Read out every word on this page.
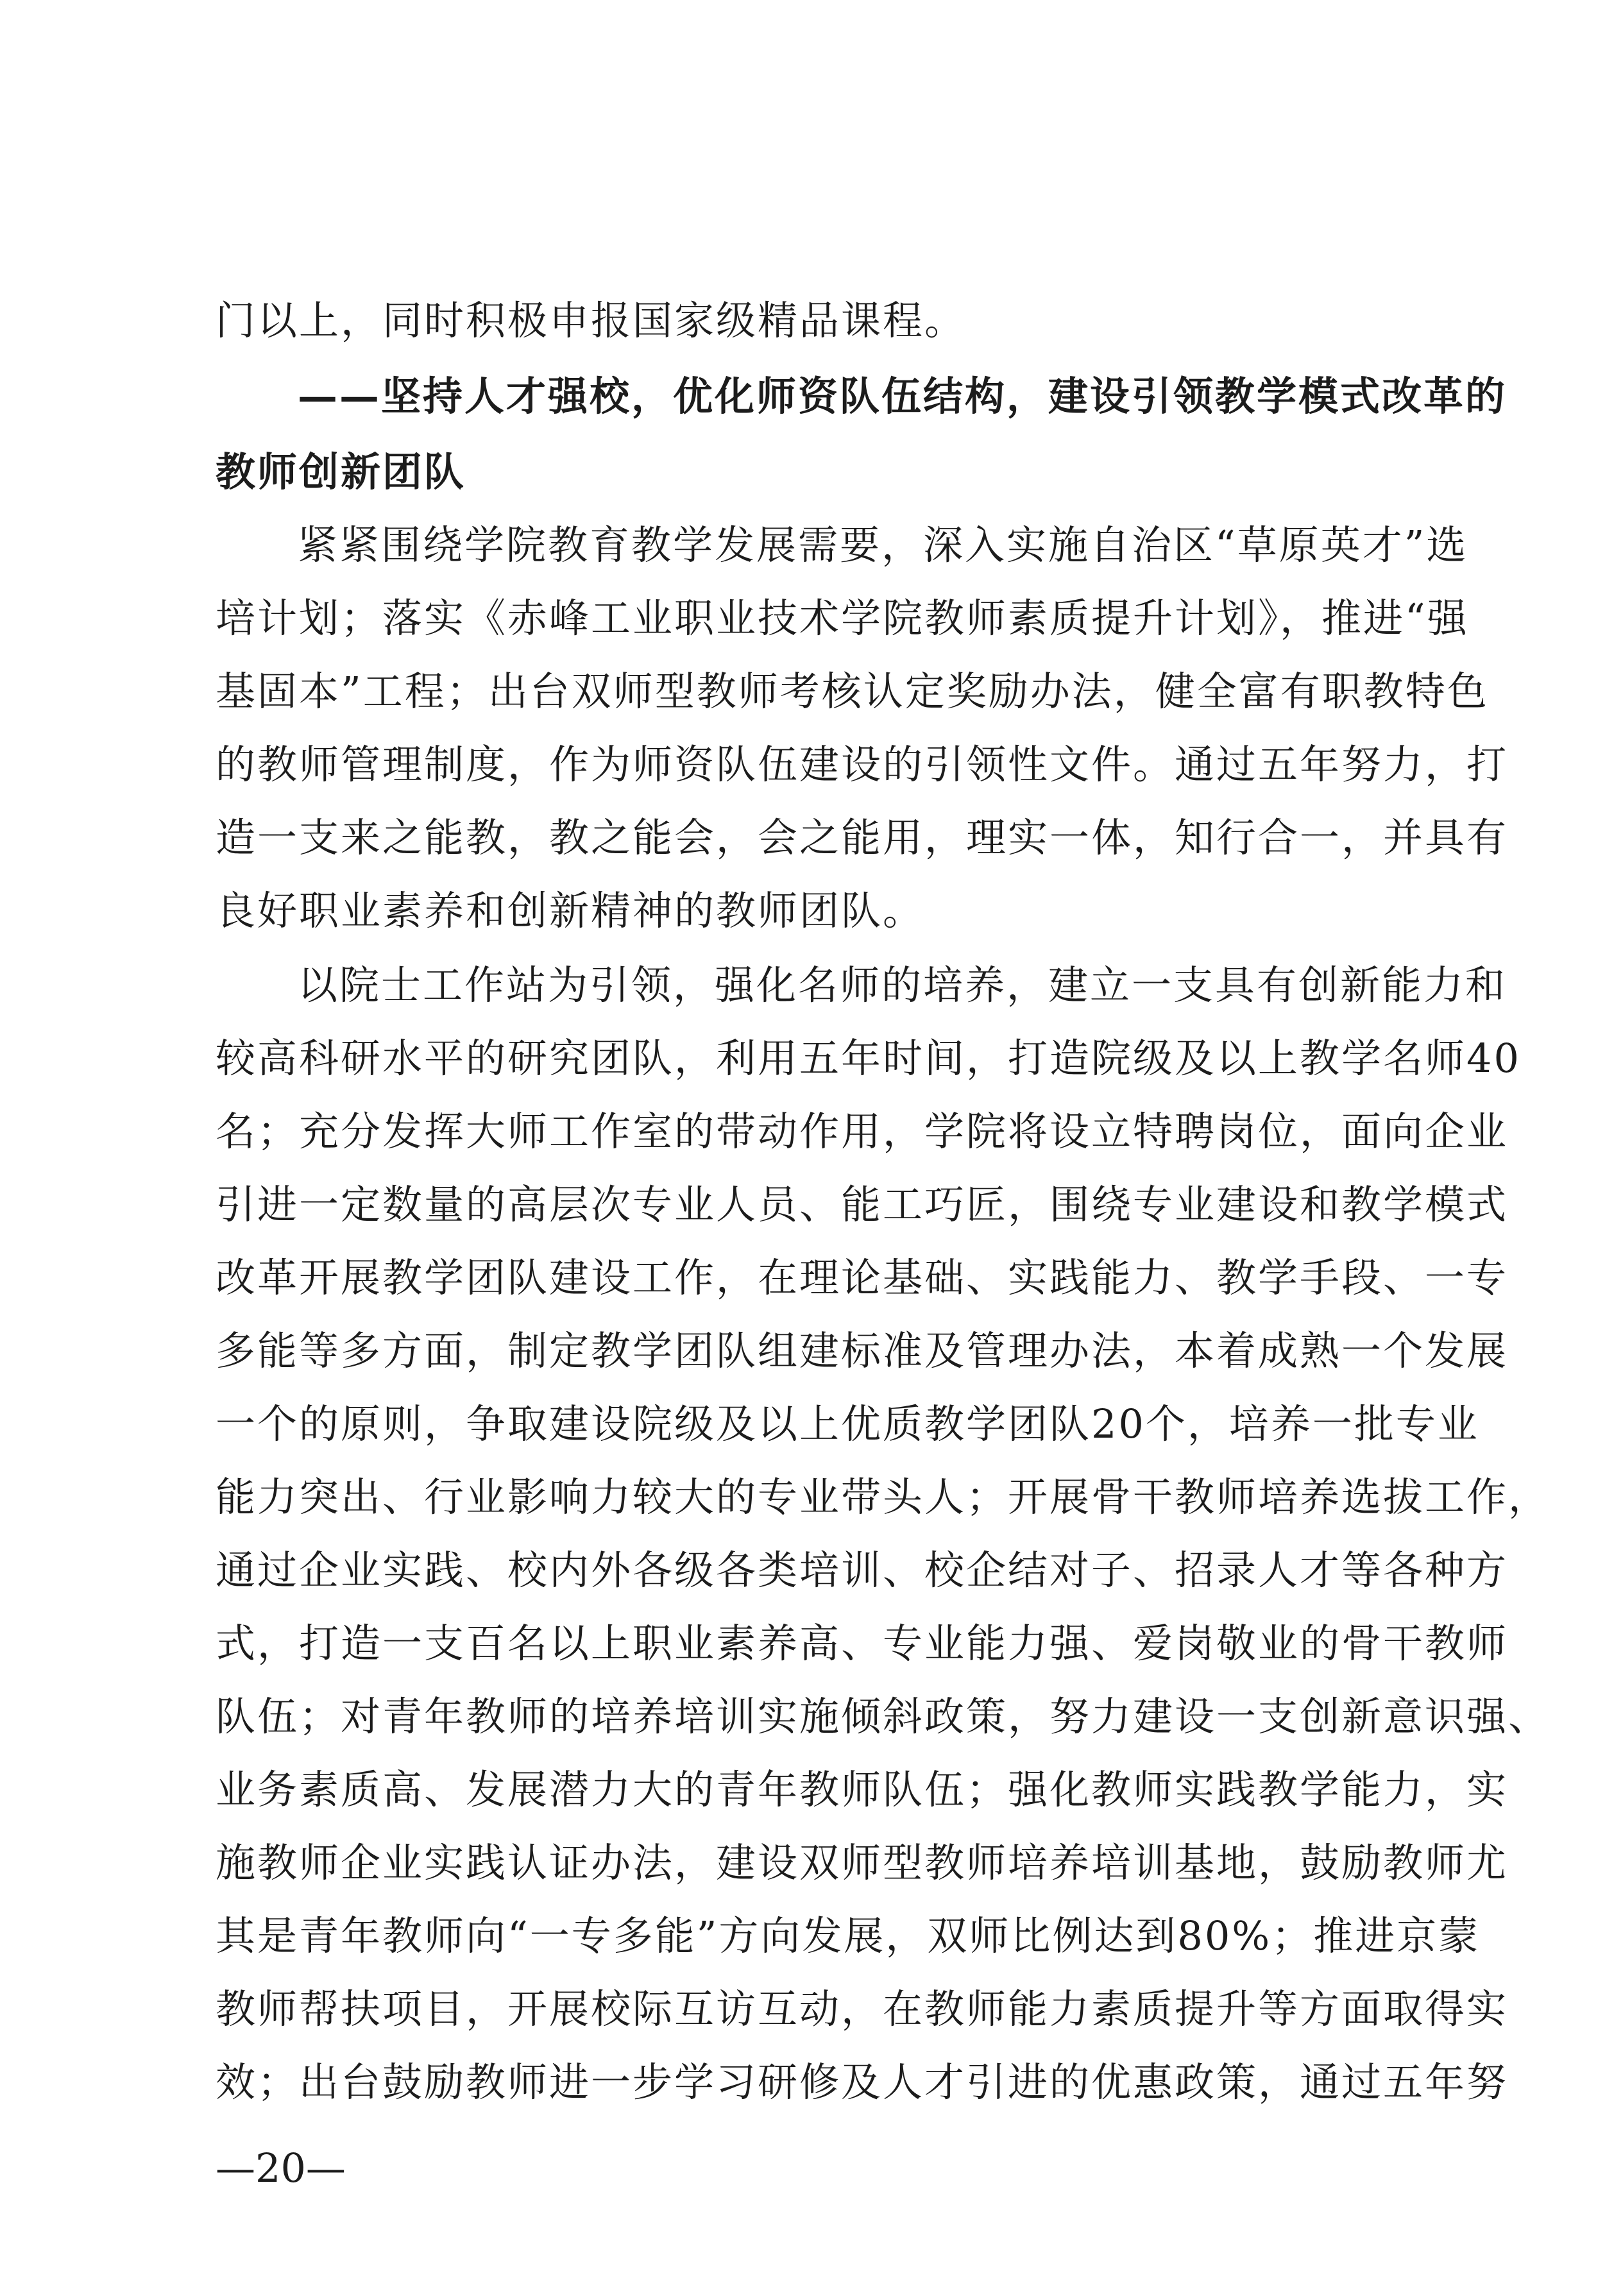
门以上，同时积极申报国家级精品课程。
——坚持人才强校，优化师资队伍结构，建设引领教学模式改革的
教师创新团队
紧紧围绕学院教育教学发展需要，深入实施自治区“草原英才”选
培计划；落实《赤峰工业职业技术学院教师素质提升计划》，推进“强
基固本”工程；出台双师型教师考核认定奖励办法，健全富有职教特色
的教师管理制度，作为师资队伍建设的引领性文件。通过五年努力，打
造一支来之能教，教之能会，会之能用，理实一体，知行合一，并具有
良好职业素养和创新精神的教师团队。
以院士工作站为引领，强化名师的培养，建立一支具有创新能力和
较高科研水平的研究团队，利用五年时间，打造院级及以上教学名师40
名；充分发挥大师工作室的带动作用，学院将设立特聘岗位，面向企业
引进一定数量的高层次专业人员、能工巧匠，围绕专业建设和教学模式
改革开展教学团队建设工作，在理论基础、实践能力、教学手段、一专
多能等多方面，制定教学团队组建标准及管理办法，本着成熟一个发展
一个的原则，争取建设院级及以上优质教学团队20个，培养一批专业
能力突出、行业影响力较大的专业带头人；开展骨干教师培养选拔工作，
通过企业实践、校内外各级各类培训、校企结对子、招录人才等各种方
式，打造一支百名以上职业素养高、专业能力强、爱岗敬业的骨干教师
队伍；对青年教师的培养培训实施倾斜政策，努力建设一支创新意识强、
业务素质高、发展潜力大的青年教师队伍；强化教师实践教学能力，实
施教师企业实践认证办法，建设双师型教师培养培训基地，鼓励教师尤
其是青年教师向“一专多能”方向发展，双师比例达到80%；推进京蒙
教师帮扶项目，开展校际互访互动，在教师能力素质提升等方面取得实
效；出台鼓励教师进一步学习研修及人才引进的优惠政策，通过五年努
—20—
